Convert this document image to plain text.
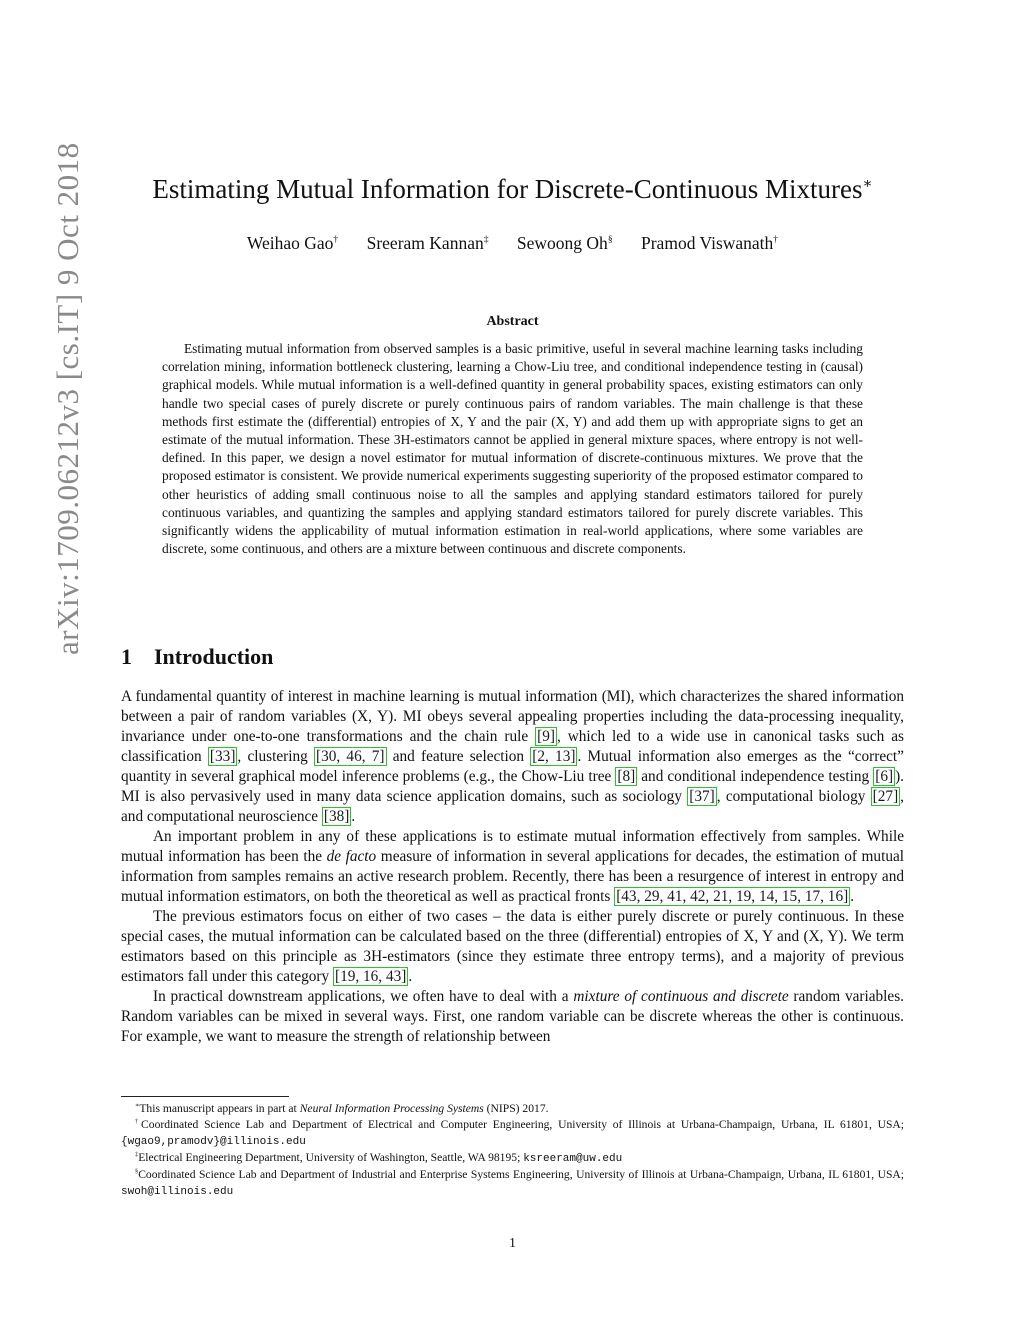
arXiv:1709.06212v3 [cs.IT] 9 Oct 2018	Estimating Mutual Information for Discrete-Continuous Mixtures∗
Weihao Gao† Sreeram Kannan‡ Sewoong Oh§ Pramod Viswanath†
Abstract
Estimating mutual information from observed samples is a basic primitive, useful in several machine learning tasks including correlation mining, information bottleneck clustering, learning a Chow-Liu tree, and conditional independence testing in (causal) graphical models. While mutual information is a well-defined quantity in general probability spaces, existing estimators can only handle two special cases of purely discrete or purely continuous pairs of random variables. The main challenge is that these methods first estimate the (differential) entropies of X, Y and the pair (X, Y) and add them up with appropriate signs to get an estimate of the mutual information. These 3H-estimators cannot be applied in general mixture spaces, where entropy is not well-defined. In this paper, we design a novel estimator for mutual information of discrete-continuous mixtures. We prove that the proposed estimator is consistent. We provide numerical experiments suggesting superiority of the proposed estimator compared to other heuristics of adding small continuous noise to all the samples and applying standard estimators tailored for purely continuous variables, and quantizing the samples and applying standard estimators tailored for purely discrete variables. This significantly widens the applicability of mutual information estimation in real-world applications, where some variables are discrete, some continuous, and others are a mixture between continuous and discrete components.
1 Introduction

A fundamental quantity of interest in machine learning is mutual information (MI), which characterizes the shared information between a pair of random variables (X, Y). MI obeys several appealing properties including the data-processing inequality, invariance under one-to-one transformations and the chain rule [9] , which led to a wide use in canonical tasks such as classification [33] , clustering [30, 46, 7] and feature selection [2, 13] . Mutual information also emerges as the “correct” quantity in several graphical model inference problems (e.g., the Chow-Liu tree [8] and conditional independence testing [6] ). MI is also pervasively used in many data science application domains, such as sociology [37] , computational biology [27] , and computational neuroscience [38] .

An important problem in any of these applications is to estimate mutual information effectively from samples. While mutual information has been the de facto measure of information in several applications for decades, the estimation of mutual information from samples remains an active research problem. Recently, there has been a resurgence of interest in entropy and mutual information estimators, on both the theoretical as well as practical fronts [43, 29, 41, 42, 21, 19, 14, 15, 17, 16] .

The previous estimators focus on either of two cases – the data is either purely discrete or purely continuous. In these special cases, the mutual information can be calculated based on the three (differential) entropies of X, Y and (X, Y). We term estimators based on this principle as 3H-estimators (since they estimate three entropy terms), and a majority of previous estimators fall under this category [19, 16, 43] .

In practical downstream applications, we often have to deal with a mixture of continuous and discrete random variables. Random variables can be mixed in several ways. First, one random variable can be discrete whereas the other is continuous. For example, we want to measure the strength of relationship between

∗This manuscript appears in part at Neural Information Processing Systems (NIPS) 2017.

†Coordinated Science Lab and Department of Electrical and Computer Engineering, University of Illinois at Urbana-Champaign, Urbana, IL 61801, USA; {wgao9,pramodv}@illinois.edu

‡Electrical Engineering Department, University of Washington, Seattle, WA 98195; ksreeram@uw.edu

§Coordinated Science Lab and Department of Industrial and Enterprise Systems Engineering, University of Illinois at Urbana-Champaign, Urbana, IL 61801, USA; swoh@illinois.edu

1
